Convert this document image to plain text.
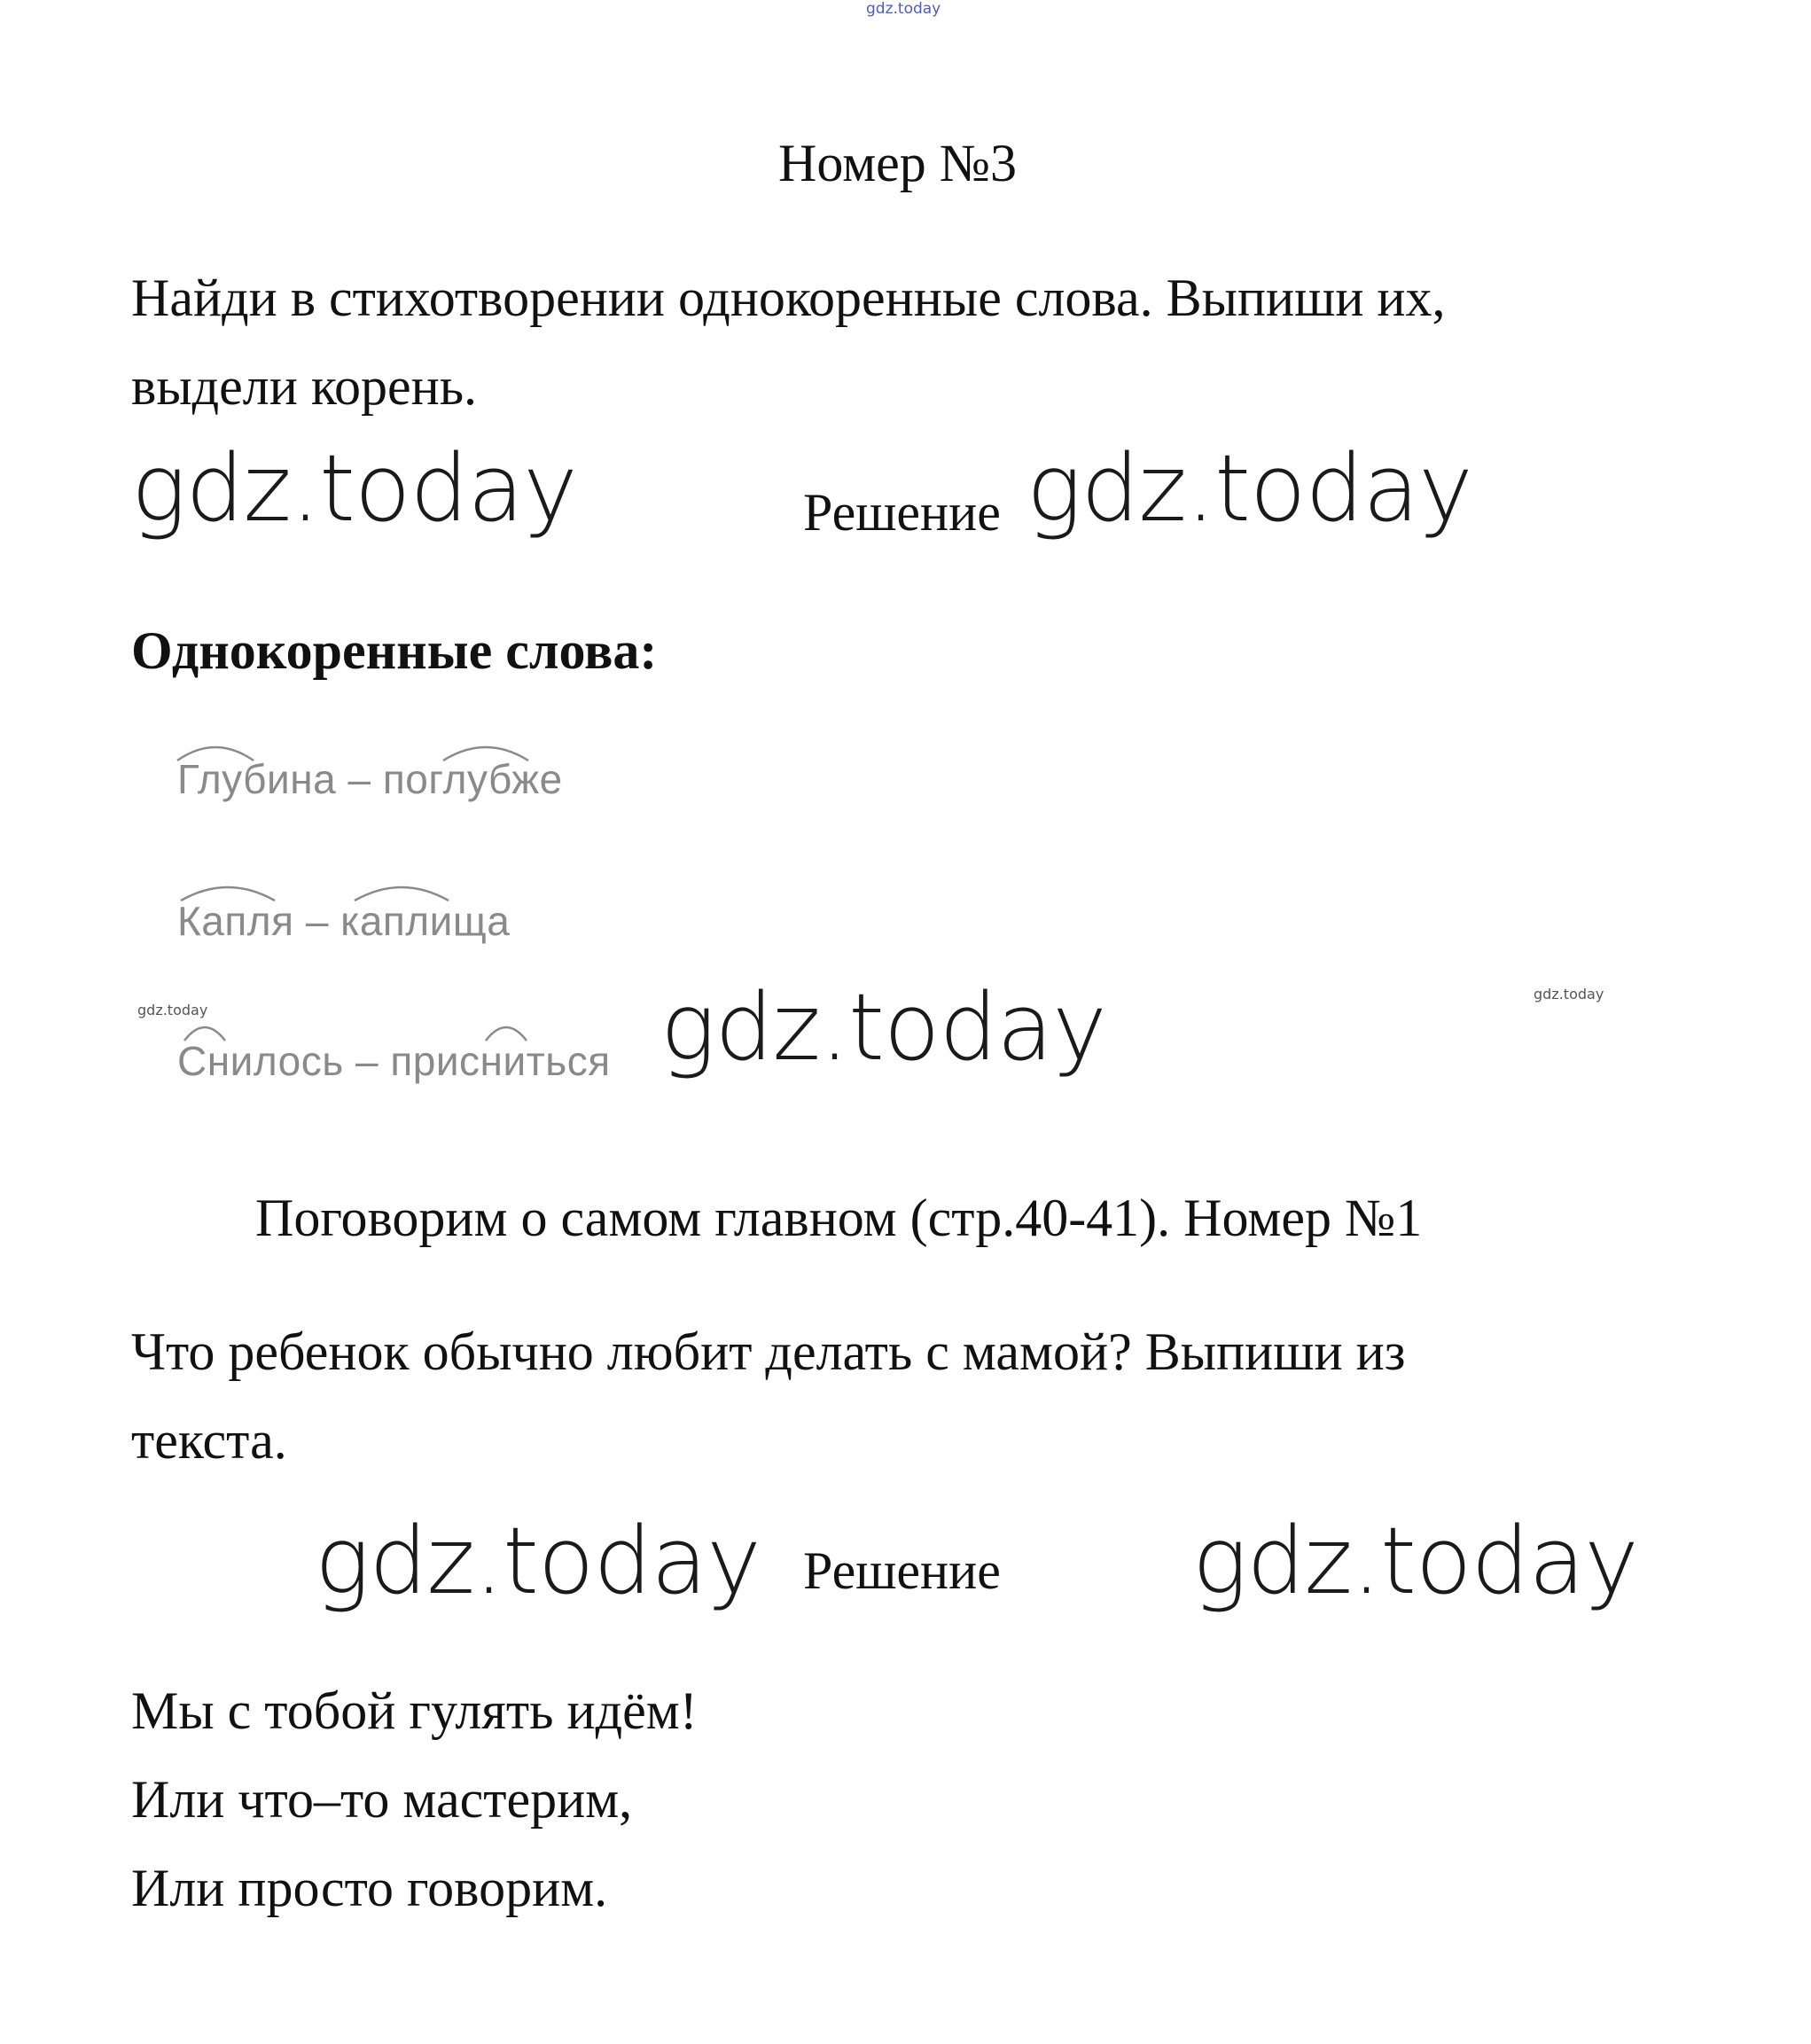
gdz.today
Номер №3
Найди в стихотворении однокоренные слова. Выпиши их,
выдели корень.
gdz.today	Решение gdz.today
Однокоренные слова:
Глубина – поглубже
Капля – каплища
gdz.today
Снилось – присниться gdz.today	gdz.today
Поговорим о самом главном (стр.40-41). Номер №1
Что ребенок обычно любит делать с мамой? Выпиши из
текста.
gdz.today Решение gdz.today
Мы с тобой гулять идём!
Или что–то мастерим,
Или просто говорим.
